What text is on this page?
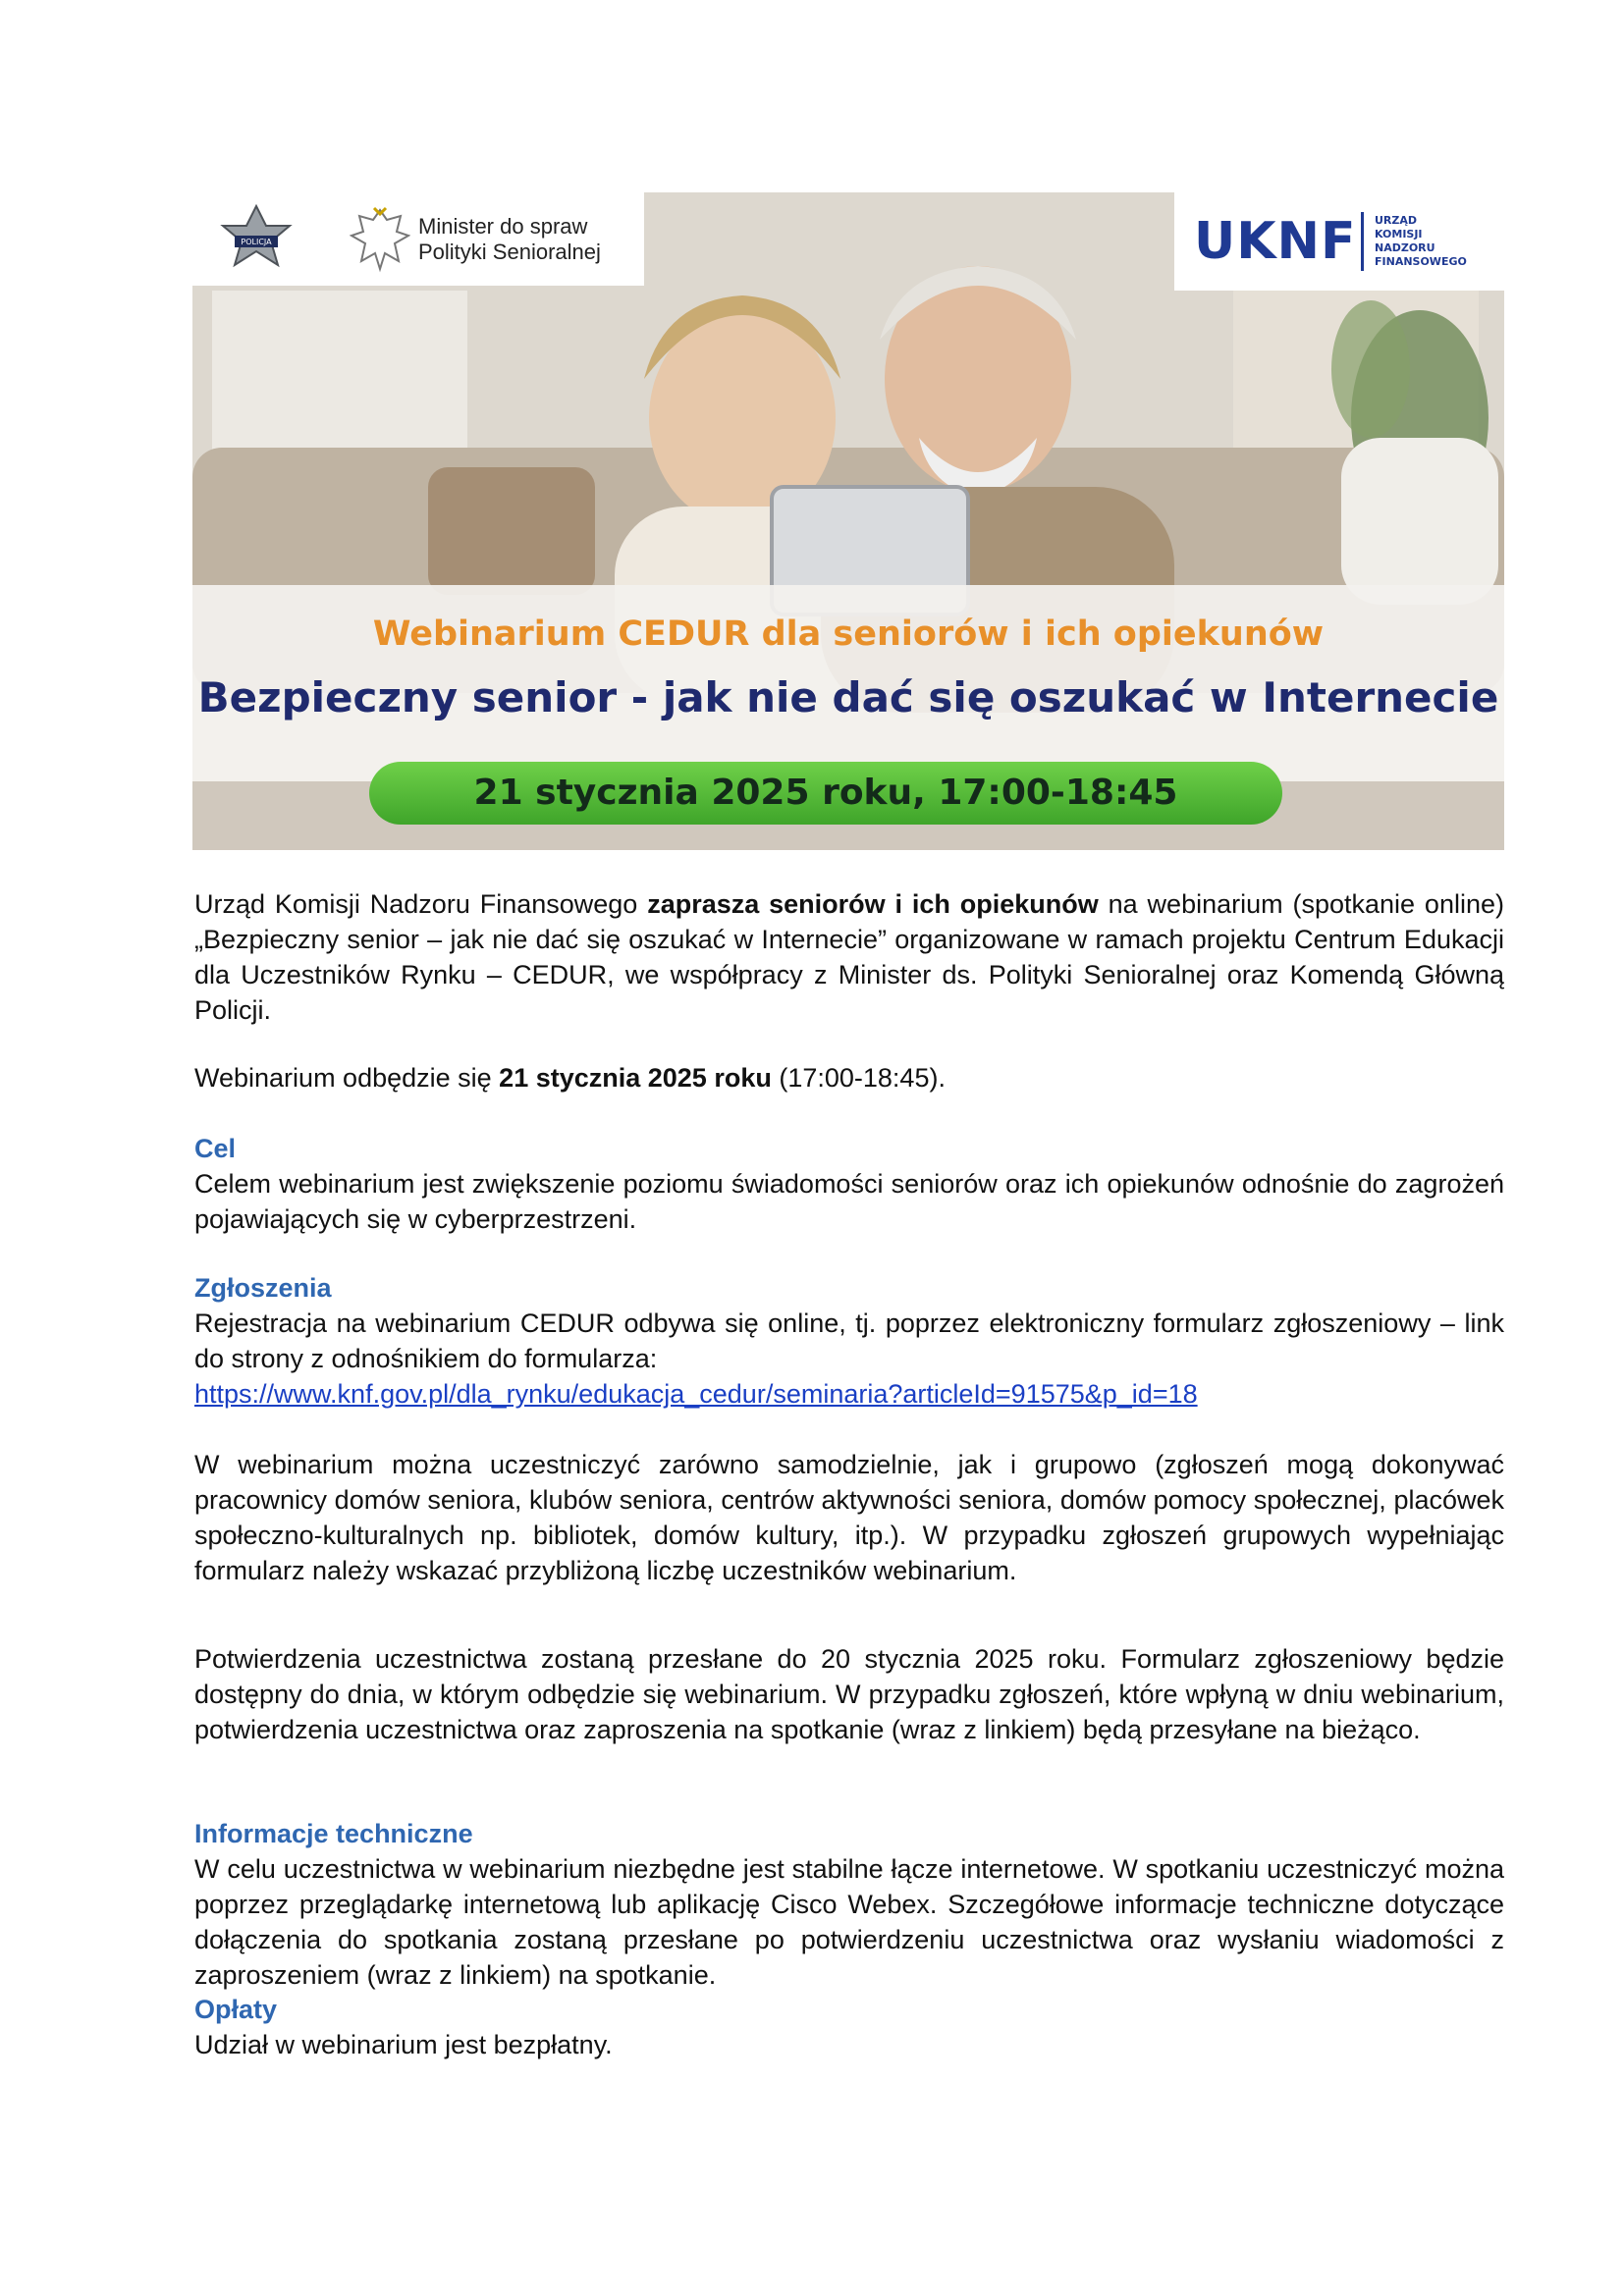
POLICJA
Minister do spraw
Polityki Senioralnej	UKNF URZĄD
KOMISJI
NADZORU
FINANSOWEGO
Webinarium CEDUR dla seniorów i ich opiekunów
Bezpieczny senior - jak nie dać się oszukać w Internecie
21 stycznia 2025 roku, 17:00-18:45

Urząd Komisji Nadzoru Finansowego zaprasza seniorów i ich opiekunów na webinarium (spotkanie online) „Bezpieczny senior – jak nie dać się oszukać w Internecie” organizowane w ramach projektu Centrum Edukacji dla Uczestników Rynku – CEDUR, we współpracy z Minister ds. Polityki Senioralnej oraz Komendą Główną Policji.

Webinarium odbędzie się 21 stycznia 2025 roku (17:00-18:45).

Cel

Celem webinarium jest zwiększenie poziomu świadomości seniorów oraz ich opiekunów odnośnie do zagrożeń pojawiających się w cyberprzestrzeni.

Zgłoszenia

Rejestracja na webinarium CEDUR odbywa się online, tj. poprzez elektroniczny formularz zgłoszeniowy – link do strony z odnośnikiem do formularza:

https://www.knf.gov.pl/dla_rynku/edukacja_cedur/seminaria?articleId=91575&p_id=18

W webinarium można uczestniczyć zarówno samodzielnie, jak i grupowo (zgłoszeń mogą dokonywać pracownicy domów seniora, klubów seniora, centrów aktywności seniora, domów pomocy społecznej, placówek społeczno-kulturalnych np. bibliotek, domów kultury, itp.). W przypadku zgłoszeń grupowych wypełniając formularz należy wskazać przybliżoną liczbę uczestników webinarium.

Potwierdzenia uczestnictwa zostaną przesłane do 20 stycznia 2025 roku. Formularz zgłoszeniowy będzie dostępny do dnia, w którym odbędzie się webinarium. W przypadku zgłoszeń, które wpłyną w dniu webinarium, potwierdzenia uczestnictwa oraz zaproszenia na spotkanie (wraz z linkiem) będą przesyłane na bieżąco.

Informacje techniczne

W celu uczestnictwa w webinarium niezbędne jest stabilne łącze internetowe. W spotkaniu uczestniczyć można poprzez przeglądarkę internetową lub aplikację Cisco Webex. Szczegółowe informacje techniczne dotyczące dołączenia do spotkania zostaną przesłane po potwierdzeniu uczestnictwa oraz wysłaniu wiadomości z zaproszeniem (wraz z linkiem) na spotkanie.

Opłaty

Udział w webinarium jest bezpłatny.
